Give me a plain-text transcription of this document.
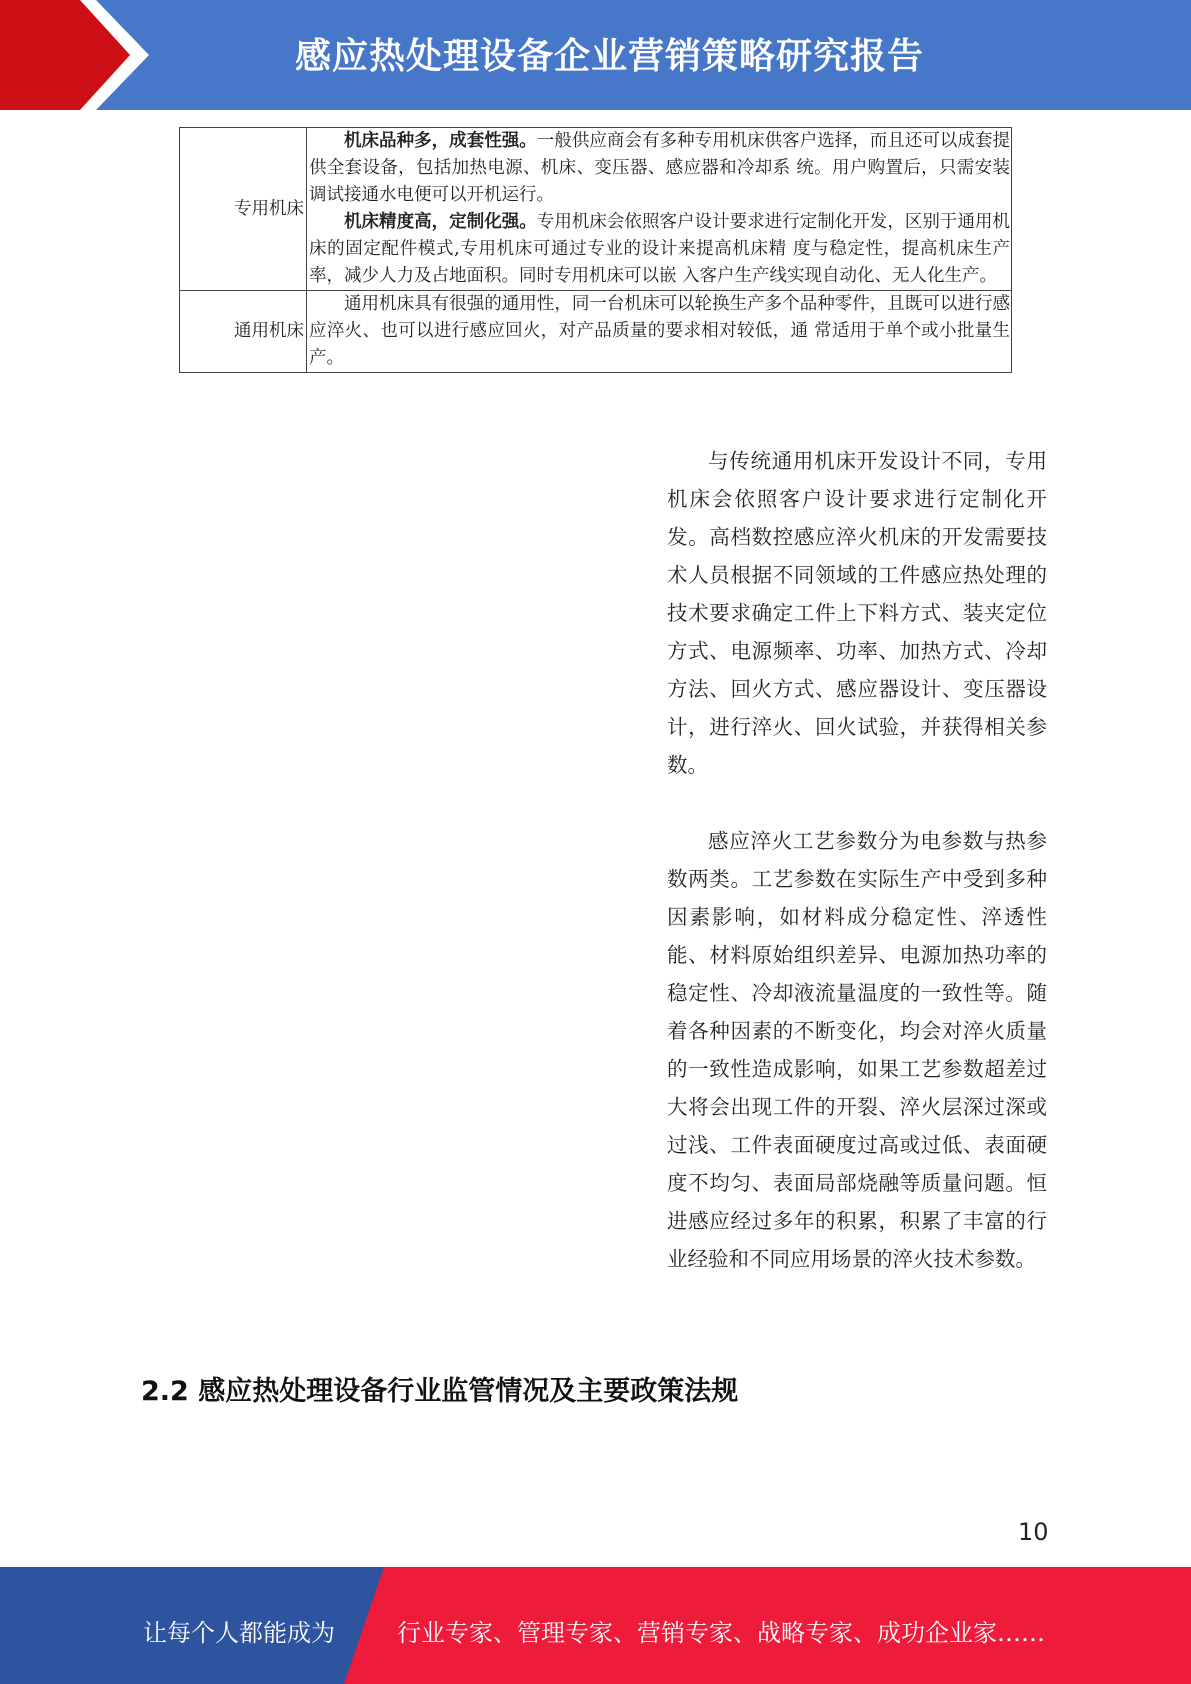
感应热处理设备企业营销策略研究报告
专用机床	机床品种多，成套性强。一般供应商会有多种专用机床供客户选择，而且还可以成套提供全套设备，包括加热电源、机床、变压器、感应器和冷却系 统。用户购置后，只需安装调试接通水电便可以开机运行。

机床精度高，定制化强。专用机床会依照客户设计要求进行定制化开发，区别于通用机床的固定配件模式,专用机床可通过专业的设计来提高机床精 度与稳定性，提高机床生产率，减少人力及占地面积。同时专用机床可以嵌 入客户生产线实现自动化、无人化生产。

通用机床	通用机床具有很强的通用性，同一台机床可以轮换生产多个品种零件，且既可以进行感应淬火、也可以进行感应回火，对产品质量的要求相对较低，通 常适用于单个或小批量生产。

与传统通用机床开发设计不同，专用机床会依照客户设计要求进行定制化开发。高档数控感应淬火机床的开发需要技术人员根据不同领域的工件感应热处理的技术要求确定工件上下料方式、装夹定位方式、电源频率、功率、加热方式、冷却方法、回火方式、感应器设计、变压器设计，进行淬火、回火试验，并获得相关参数。

感应淬火工艺参数分为电参数与热参数两类。工艺参数在实际生产中受到多种因素影响，如材料成分稳定性、淬透性能、材料原始组织差异、电源加热功率的稳定性、冷却液流量温度的一致性等。随着各种因素的不断变化，均会对淬火质量的一致性造成影响，如果工艺参数超差过大将会出现工件的开裂、淬火层深过深或过浅、工件表面硬度过高或过低、表面硬度不均匀、表面局部烧融等质量问题。恒进感应经过多年的积累，积累了丰富的行业经验和不同应用场景的淬火技术参数。

2.2 感应热处理设备行业监管情况及主要政策法规
10
让每个人都能成为	行业专家、管理专家、营销专家、战略专家、成功企业家……
